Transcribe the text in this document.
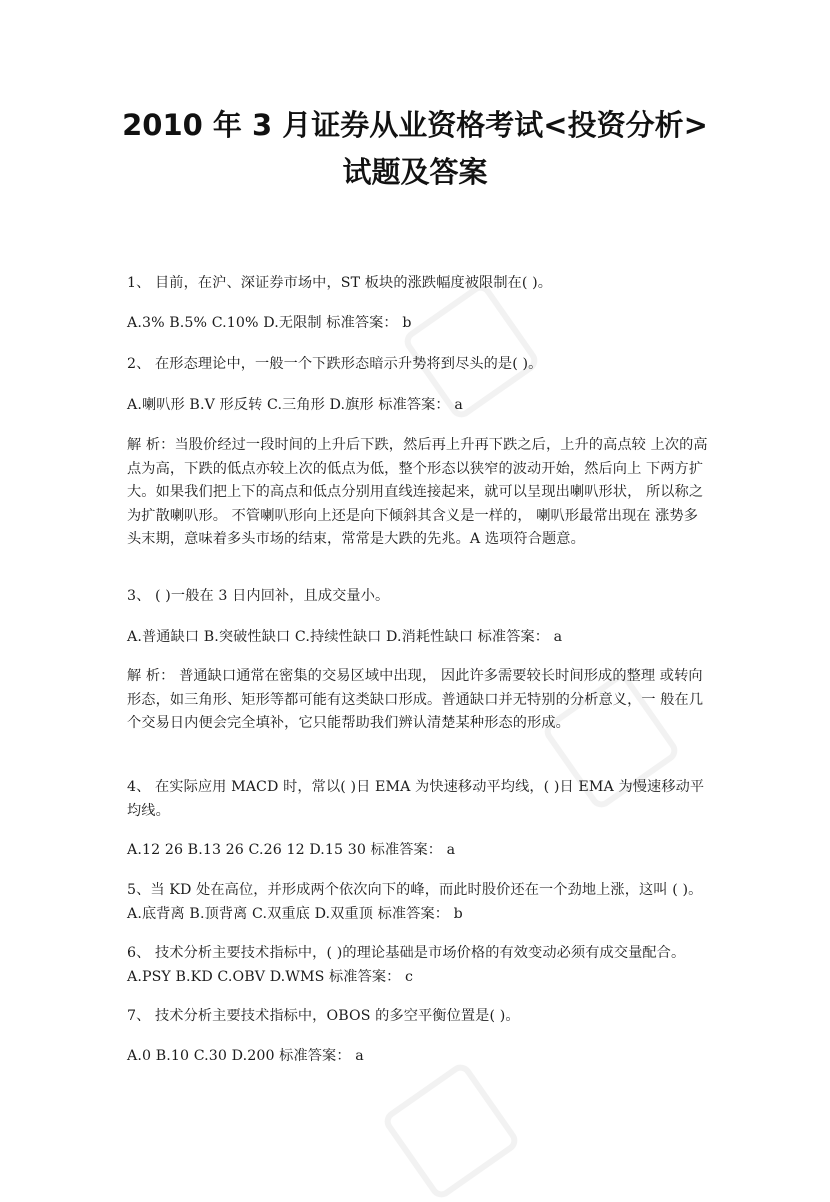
2010 年 3 月证券从业资格考试<投资分析>
试题及答案
1、 目前，在沪、深证券市场中，ST 板块的涨跌幅度被限制在( )。
A.3% B.5% C.10% D.无限制 标准答案： b
2、 在形态理论中，一般一个下跌形态暗示升势将到尽头的是( )。
A.喇叭形 B.V 形反转 C.三角形 D.旗形 标准答案： a
解 析：当股价经过一段时间的上升后下跌，然后再上升再下跌之后，上升的高点较 上次的高点为高，下跌的低点亦较上次的低点为低，整个形态以狭窄的波动开始，然后向上 下两方扩大。如果我们把上下的高点和低点分别用直线连接起来，就可以呈现出喇叭形状， 所以称之为扩散喇叭形。 不管喇叭形向上还是向下倾斜其含义是一样的， 喇叭形最常出现在 涨势多头末期，意味着多头市场的结束，常常是大跌的先兆。A 选项符合题意。
3、 ( )一般在 3 日内回补，且成交量小。
A.普通缺口 B.突破性缺口 C.持续性缺口 D.消耗性缺口 标准答案： a
解 析： 普通缺口通常在密集的交易区域中出现， 因此许多需要较长时间形成的整理 或转向形态，如三角形、矩形等都可能有这类缺口形成。普通缺口并无特别的分析意义，一 般在几个交易日内便会完全填补，它只能帮助我们辨认清楚某种形态的形成。
4、 在实际应用 MACD 时，常以( )日 EMA 为快速移动平均线，( )日 EMA 为慢速移动平均线。
A.12 26 B.13 26 C.26 12 D.15 30 标准答案： a
5、当 KD 处在高位，并形成两个依次向下的峰，而此时股价还在一个劲地上涨，这叫 ( )。 A.底背离 B.顶背离 C.双重底 D.双重顶 标准答案： b
6、 技术分析主要技术指标中，( )的理论基础是市场价格的有效变动必须有成交量配合。 A.PSY B.KD C.OBV D.WMS 标准答案： c
7、 技术分析主要技术指标中，OBOS 的多空平衡位置是( )。
A.0 B.10 C.30 D.200 标准答案： a
